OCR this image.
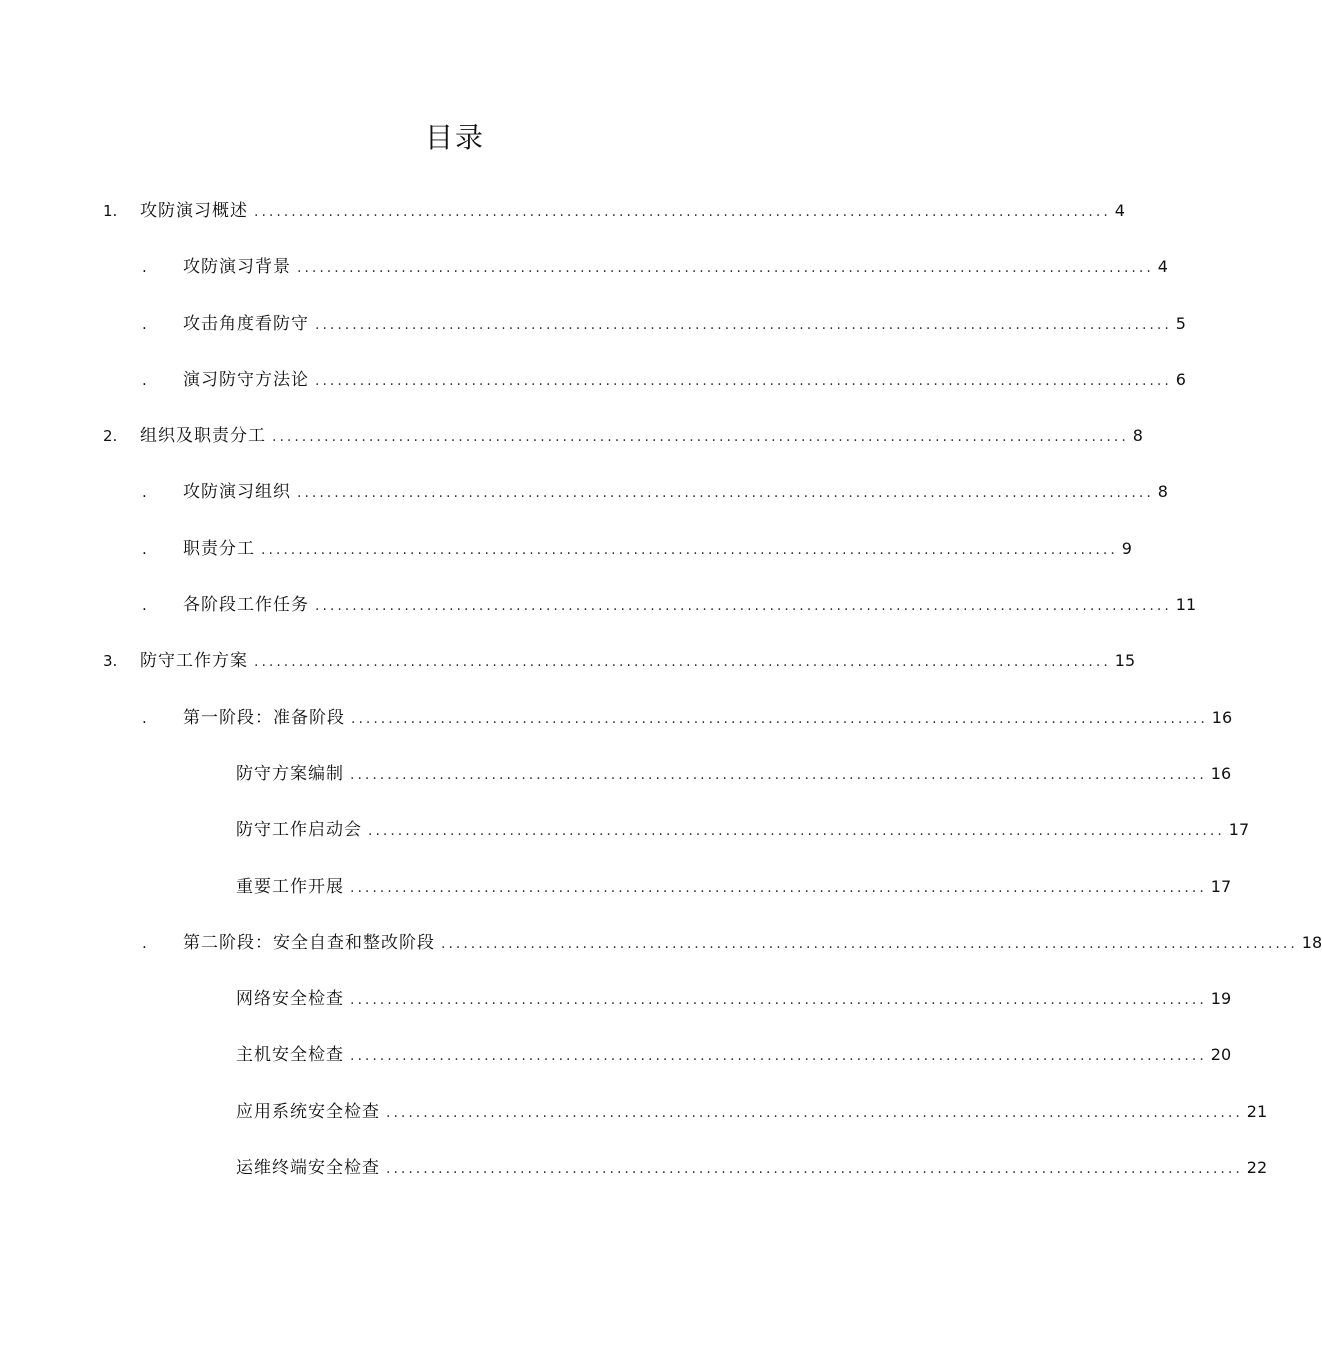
目录
1. 攻防演习概述 ................................................................................................................... 4
. 攻防演习背景 ................................................................................................................... 4
. 攻击角度看防守 ................................................................................................................... 5
. 演习防守方法论 ................................................................................................................... 6
2. 组织及职责分工 ................................................................................................................... 8
. 攻防演习组织 ................................................................................................................... 8
. 职责分工 ................................................................................................................... 9
. 各阶段工作任务 ................................................................................................................... 11
3. 防守工作方案 ................................................................................................................... 15
. 第一阶段：准备阶段 ................................................................................................................... 16
防守方案编制 ................................................................................................................... 16
防守工作启动会 ................................................................................................................... 17
重要工作开展 ................................................................................................................... 17
. 第二阶段：安全自查和整改阶段 ................................................................................................................... 18
网络安全检查 ................................................................................................................... 19
主机安全检查 ................................................................................................................... 20
应用系统安全检查 ................................................................................................................... 21
运维终端安全检查 ................................................................................................................... 22
